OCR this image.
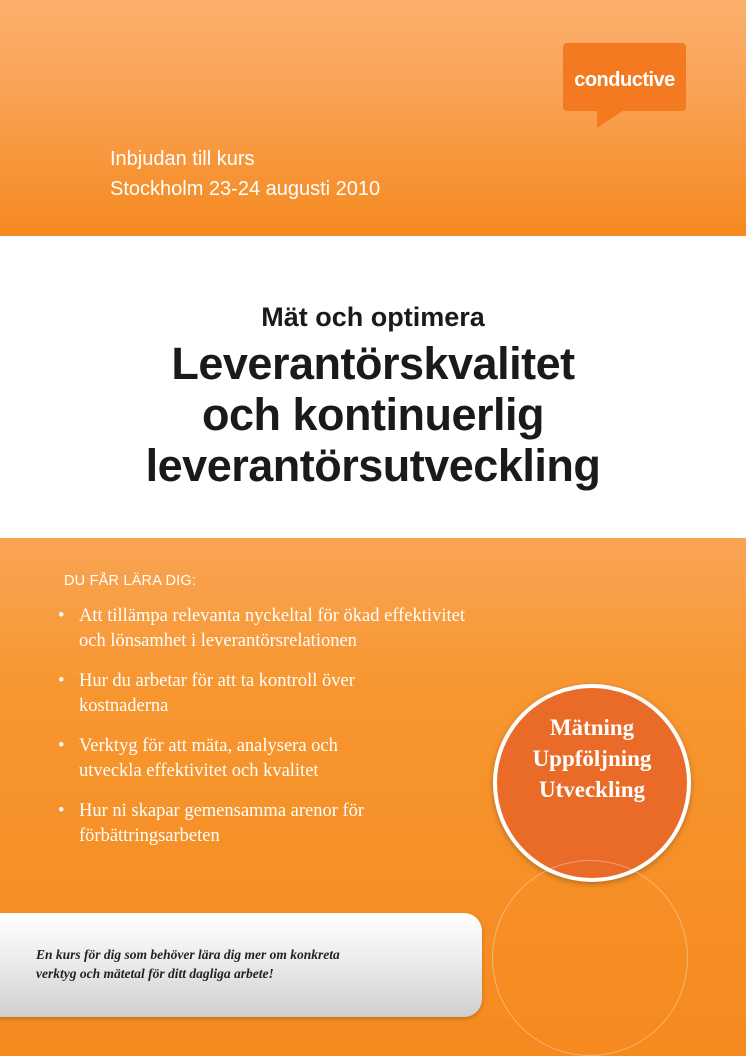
conductive
Inbjudan till kurs
Stockholm 23-24 augusti 2010
Mät och optimera
Leverantörskvalitet
och kontinuerlig
leverantörsutveckling
DU FÅR LÄRA DIG:
• Att tillämpa relevanta nyckeltal för ökad effektivitet
och lönsamhet i leverantörsrelationen
• Hur du arbetar för att ta kontroll över
kostnaderna
• Verktyg för att mäta, analysera och
utveckla effektivitet och kvalitet
• Hur ni skapar gemensamma arenor för
förbättringsarbeten
Mätning
Uppföljning
Utveckling
En kurs för dig som behöver lära dig mer om konkreta
verktyg och mätetal för ditt dagliga arbete!
